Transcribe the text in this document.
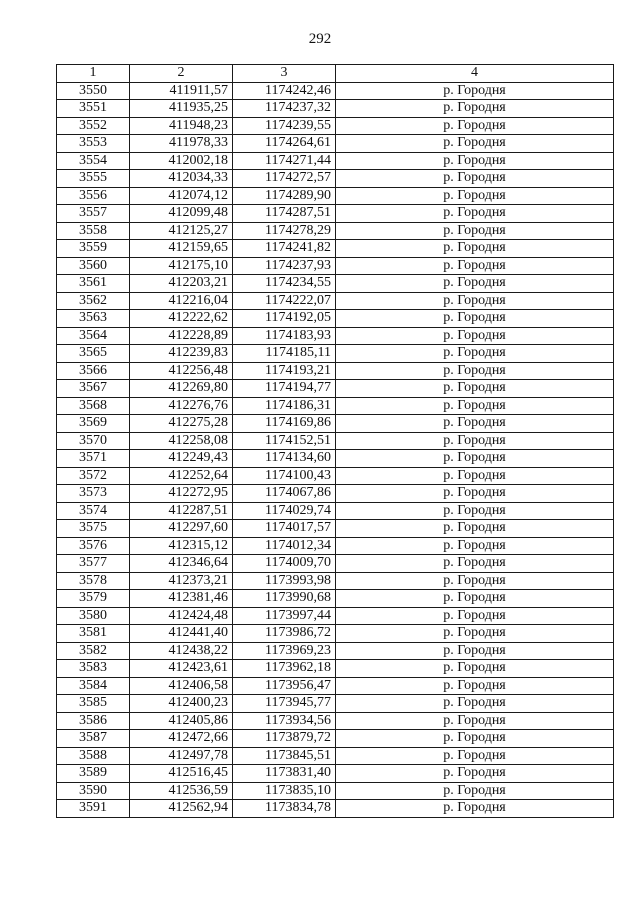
292
1	2	3	4
3550	411911,57	1174242,46	р. Городня
3551	411935,25	1174237,32	р. Городня
3552	411948,23	1174239,55	р. Городня
3553	411978,33	1174264,61	р. Городня
3554	412002,18	1174271,44	р. Городня
3555	412034,33	1174272,57	р. Городня
3556	412074,12	1174289,90	р. Городня
3557	412099,48	1174287,51	р. Городня
3558	412125,27	1174278,29	р. Городня
3559	412159,65	1174241,82	р. Городня
3560	412175,10	1174237,93	р. Городня
3561	412203,21	1174234,55	р. Городня
3562	412216,04	1174222,07	р. Городня
3563	412222,62	1174192,05	р. Городня
3564	412228,89	1174183,93	р. Городня
3565	412239,83	1174185,11	р. Городня
3566	412256,48	1174193,21	р. Городня
3567	412269,80	1174194,77	р. Городня
3568	412276,76	1174186,31	р. Городня
3569	412275,28	1174169,86	р. Городня
3570	412258,08	1174152,51	р. Городня
3571	412249,43	1174134,60	р. Городня
3572	412252,64	1174100,43	р. Городня
3573	412272,95	1174067,86	р. Городня
3574	412287,51	1174029,74	р. Городня
3575	412297,60	1174017,57	р. Городня
3576	412315,12	1174012,34	р. Городня
3577	412346,64	1174009,70	р. Городня
3578	412373,21	1173993,98	р. Городня
3579	412381,46	1173990,68	р. Городня
3580	412424,48	1173997,44	р. Городня
3581	412441,40	1173986,72	р. Городня
3582	412438,22	1173969,23	р. Городня
3583	412423,61	1173962,18	р. Городня
3584	412406,58	1173956,47	р. Городня
3585	412400,23	1173945,77	р. Городня
3586	412405,86	1173934,56	р. Городня
3587	412472,66	1173879,72	р. Городня
3588	412497,78	1173845,51	р. Городня
3589	412516,45	1173831,40	р. Городня
3590	412536,59	1173835,10	р. Городня
3591	412562,94	1173834,78	р. Городня
